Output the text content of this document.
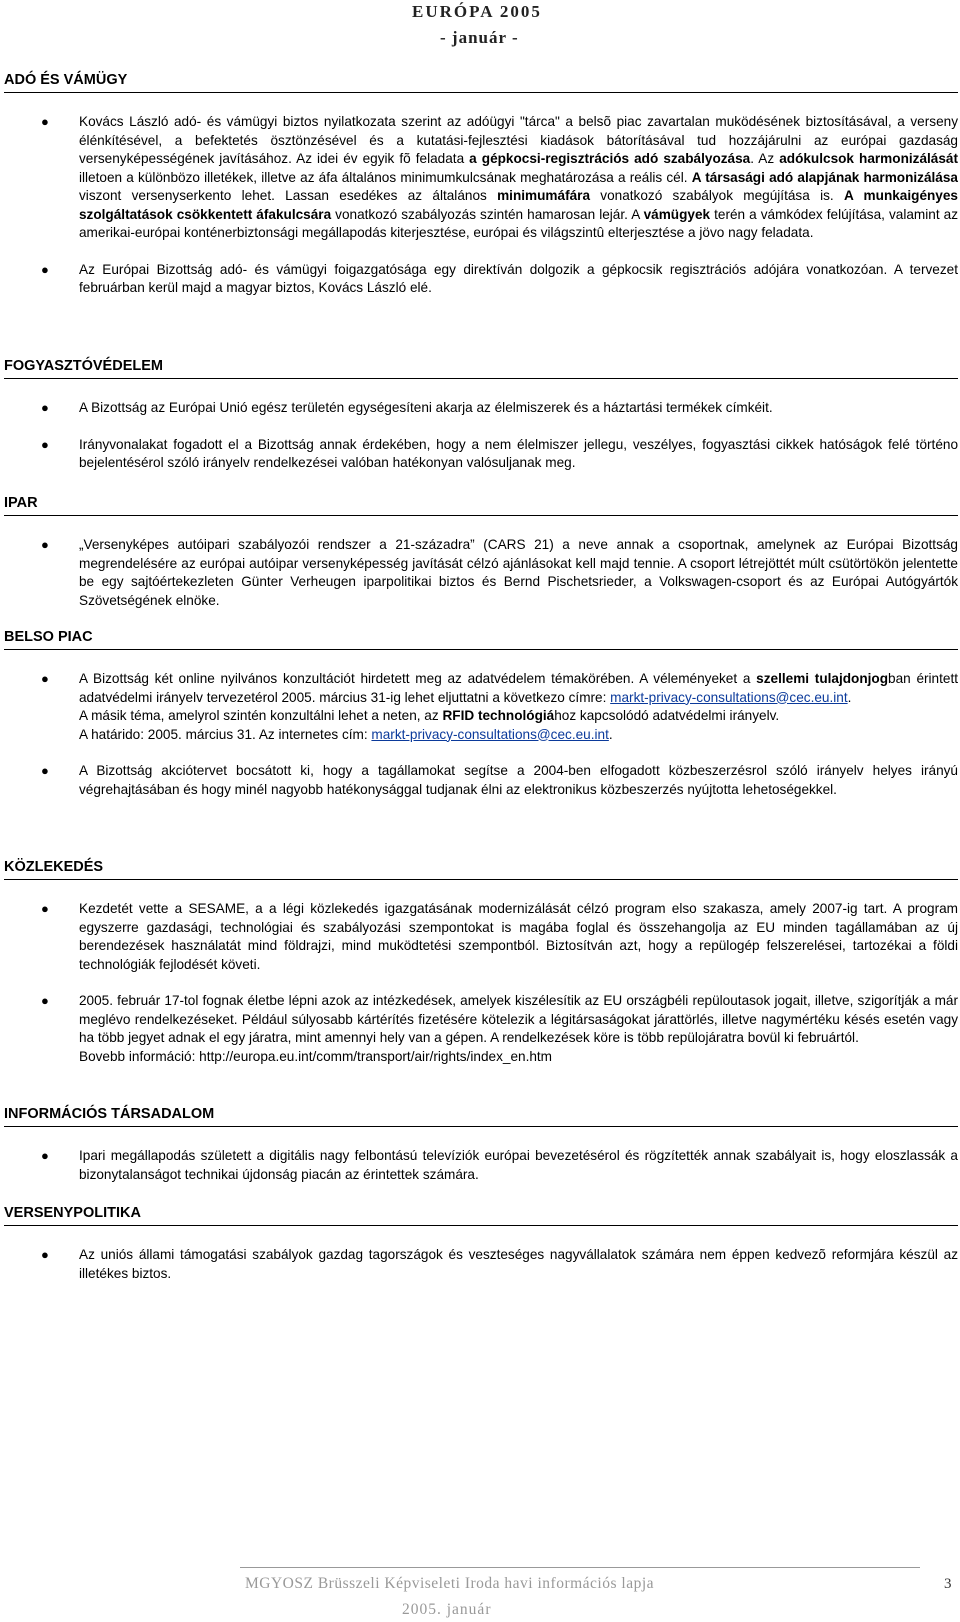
EURÓPA 2005
- január -
ADÓ ÉS VÁMÜGY
● Kovács László adó- és vámügyi biztos nyilatkozata szerint az adóügyi "tárca" a belsõ piac zavartalan muködésének biztosításával, a verseny élénkítésével, a befektetés ösztönzésével és a kutatási-fejlesztési kiadások bátorításával tud hozzájárulni az európai gazdaság versenyképességének javításához. Az idei év egyik fõ feladata a gépkocsi-regisztrációs adó szabályozása. Az adókulcsok harmonizálását illetoen a különbözo illetékek, illetve az áfa általános minimumkulcsának meghatározása a reális cél. A társasági adó alapjának harmonizálása viszont versenyserkento lehet. Lassan esedékes az általános minimumáfára vonatkozó szabályok megújítása is. A munkaigényes szolgáltatások csökkentett áfakulcsára vonatkozó szabályozás szintén hamarosan lejár. A vámügyek terén a vámkódex felújítása, valamint az amerikai-európai konténerbiztonsági megállapodás kiterjesztése, európai és világszintû elterjesztése a jövo nagy feladata.
● Az Európai Bizottság adó- és vámügyi foigazgatósága egy direktíván dolgozik a gépkocsik regisztrációs adójára vonatkozóan. A tervezet februárban kerül majd a magyar biztos, Kovács László elé.
FOGYASZTÓVÉDELEM
● A Bizottság az Európai Unió egész területén egységesíteni akarja az élelmiszerek és a háztartási termékek címkéit.
● Irányvonalakat fogadott el a Bizottság annak érdekében, hogy a nem élelmiszer jellegu, veszélyes, fogyasztási cikkek hatóságok felé történo bejelentésérol szóló irányelv rendelkezései valóban hatékonyan valósuljanak meg.
IPAR
● „Versenyképes autóipari szabályozói rendszer a 21-századra” (CARS 21) a neve annak a csoportnak, amelynek az Európai Bizottság megrendelésére az európai autóipar versenyképesség javítását célzó ajánlásokat kell majd tennie. A csoport létrejöttét múlt csütörtökön jelentette be egy sajtóértekezleten Günter Verheugen iparpolitikai biztos és Bernd Pischetsrieder, a Volkswagen-csoport és az Európai Autógyártók Szövetségének elnöke.
BELSO PIAC
● A Bizottság két online nyilvános konzultációt hirdetett meg az adatvédelem témakörében. A véleményeket a szellemi tulajdonjogban érintett adatvédelmi irányelv tervezetérol 2005. március 31-ig lehet eljuttatni a következo címre: markt-privacy-consultations@cec.eu.int.
A másik téma, amelyrol szintén konzultálni lehet a neten, az RFID technológiához kapcsolódó adatvédelmi irányelv.
A határido: 2005. március 31. Az internetes cím: markt-privacy-consultations@cec.eu.int.
● A Bizottság akciótervet bocsátott ki, hogy a tagállamokat segítse a 2004-ben elfogadott közbeszerzésrol szóló irányelv helyes irányú végrehajtásában és hogy minél nagyobb hatékonysággal tudjanak élni az elektronikus közbeszerzés nyújtotta lehetoségekkel.
KÖZLEKEDÉS
● Kezdetét vette a SESAME, a a légi közlekedés igazgatásának modernizálását célzó program elso szakasza, amely 2007-ig tart. A program egyszerre gazdasági, technológiai és szabályozási szempontokat is magába foglal és összehangolja az EU minden tagállamában az új berendezések használatát mind földrajzi, mind muködtetési szempontból. Biztosítván azt, hogy a repülogép felszerelései, tartozékai a földi technológiák fejlodését követi.
● 2005. február 17-tol fognak életbe lépni azok az intézkedések, amelyek kiszélesítik az EU országbéli repüloutasok jogait, illetve, szigorítják a már meglévo rendelkezéseket. Például súlyosabb kártérítés fizetésére kötelezik a légitársaságokat járattörlés, illetve nagymértéku késés esetén vagy ha több jegyet adnak el egy járatra, mint amennyi hely van a gépen. A rendelkezések köre is több repülojáratra bovül ki februártól.
Bovebb információ: http://europa.eu.int/comm/transport/air/rights/index_en.htm
INFORMÁCIÓS TÁRSADALOM
● Ipari megállapodás született a digitális nagy felbontású televíziók európai bevezetésérol és rögzítették annak szabályait is, hogy eloszlassák a bizonytalanságot technikai újdonság piacán az érintettek számára.
VERSENYPOLITIKA
● Az uniós állami támogatási szabályok gazdag tagországok és veszteséges nagyvállalatok számára nem éppen kedvezõ reformjára készül az illetékes biztos.
MGYOSZ Brüsszeli Képviseleti Iroda havi információs lapja
2005. január
3
